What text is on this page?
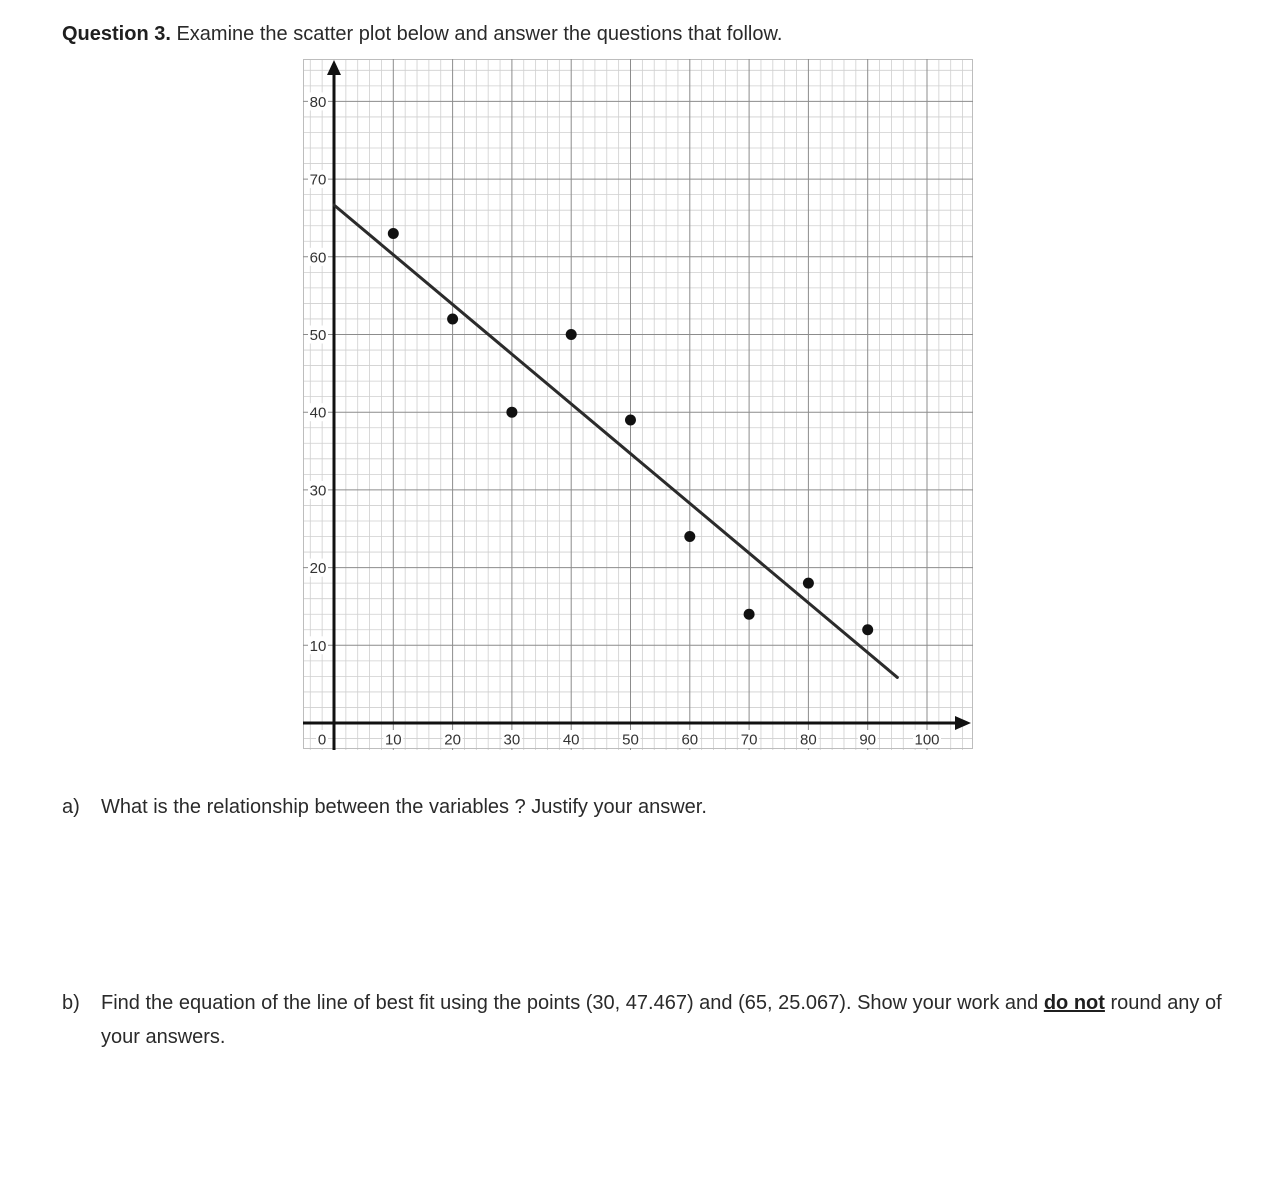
Question 3. Examine the scatter plot below and answer the questions that follow.
10	20	30	40	50	60	70	80	90	100
10
20
30
40
50
60
70
80
0
a)	What is the relationship between the variables ? Justify your answer.
b)	Find the equation of the line of best fit using the points (30, 47.467) and (65, 25.067). Show your work and do not round any of your answers.
